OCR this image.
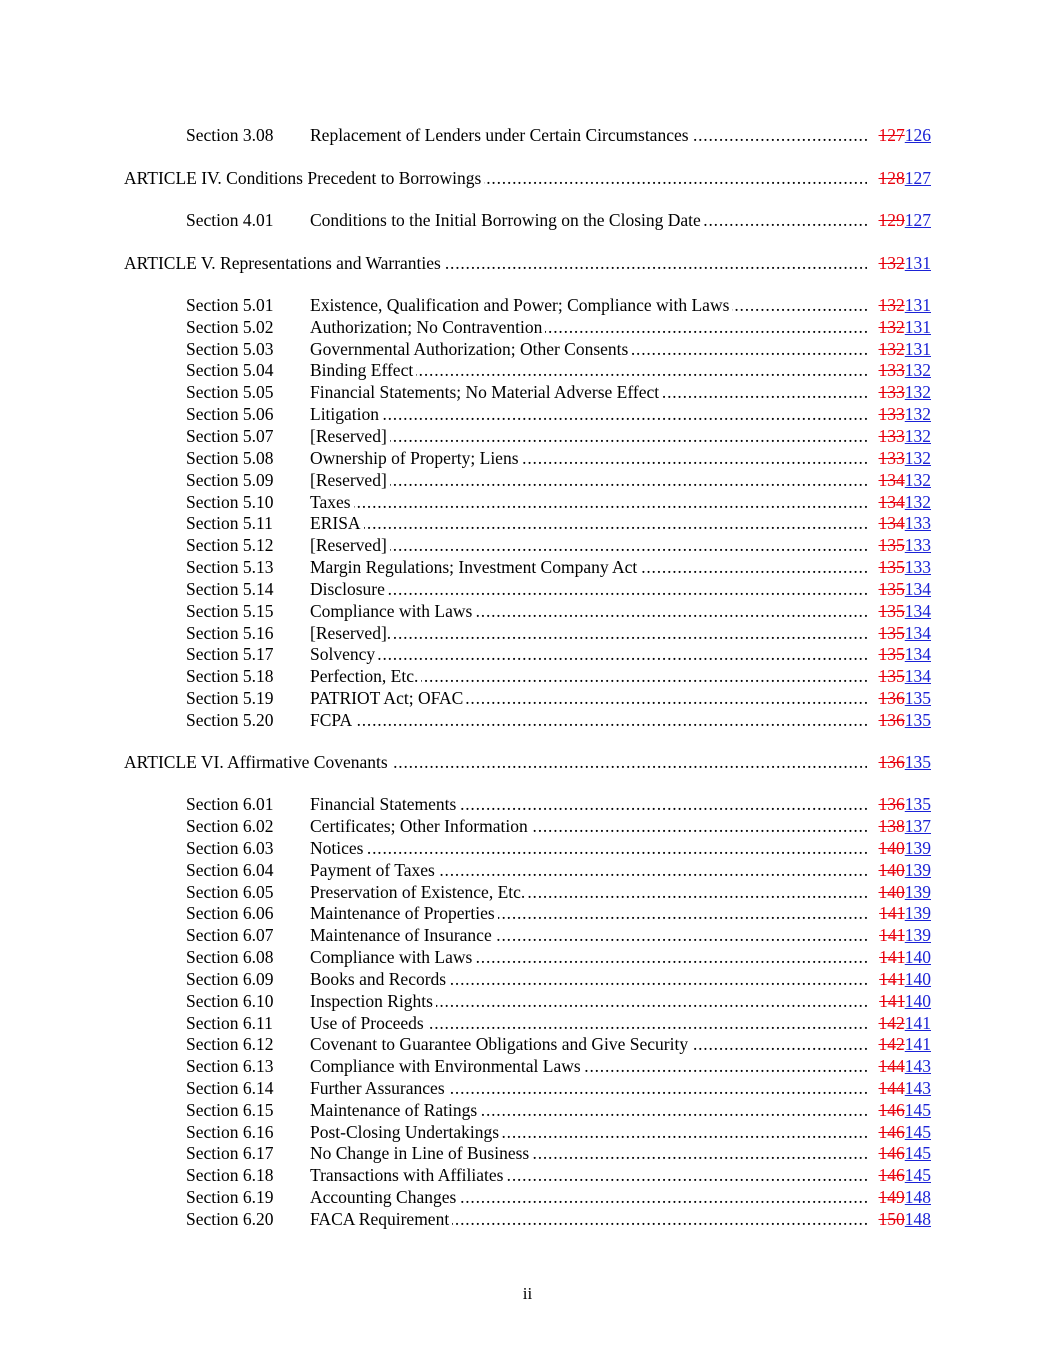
Section 3.08 Replacement of Lenders under Certain Circumstances .....	127126
ARTICLE IV. Conditions Precedent to Borrowings .....	128127
Section 4.01 Conditions to the Initial Borrowing on the Closing Date .....	129127
ARTICLE V. Representations and Warranties .....	132131
Section 5.01 Existence, Qualification and Power; Compliance with Laws .....	132131
Section 5.02 Authorization; No Contravention .....	132131
Section 5.03 Governmental Authorization; Other Consents .....	132131
Section 5.04 Binding Effect .....	133132
Section 5.05 Financial Statements; No Material Adverse Effect .....	133132
Section 5.06 Litigation .....	133132
Section 5.07 [Reserved] .....	133132
Section 5.08 Ownership of Property; Liens .....	133132
Section 5.09 [Reserved] .....	134132
Section 5.10 Taxes .....	134132
Section 5.11 ERISA .....	134133
Section 5.12 [Reserved] .....	135133
Section 5.13 Margin Regulations; Investment Company Act .....	135133
Section 5.14 Disclosure .....	135134
Section 5.15 Compliance with Laws .....	135134
Section 5.16 [Reserved]. .....	135134
Section 5.17 Solvency .....	135134
Section 5.18 Perfection, Etc. .....	135134
Section 5.19 PATRIOT Act; OFAC .....	136135
Section 5.20 FCPA .....	136135
ARTICLE VI. Affirmative Covenants .....	136135
Section 6.01 Financial Statements .....	136135
Section 6.02 Certificates; Other Information .....	138137
Section 6.03 Notices .....	140139
Section 6.04 Payment of Taxes .....	140139
Section 6.05 Preservation of Existence, Etc. .....	140139
Section 6.06 Maintenance of Properties .....	141139
Section 6.07 Maintenance of Insurance .....	141139
Section 6.08 Compliance with Laws .....	141140
Section 6.09 Books and Records .....	141140
Section 6.10 Inspection Rights .....	141140
Section 6.11 Use of Proceeds .....	142141
Section 6.12 Covenant to Guarantee Obligations and Give Security .....	142141
Section 6.13 Compliance with Environmental Laws .....	144143
Section 6.14 Further Assurances .....	144143
Section 6.15 Maintenance of Ratings .....	146145
Section 6.16 Post-Closing Undertakings .....	146145
Section 6.17 No Change in Line of Business .....	146145
Section 6.18 Transactions with Affiliates .....	146145
Section 6.19 Accounting Changes .....	149148
Section 6.20 FACA Requirement .....	150148
ii
